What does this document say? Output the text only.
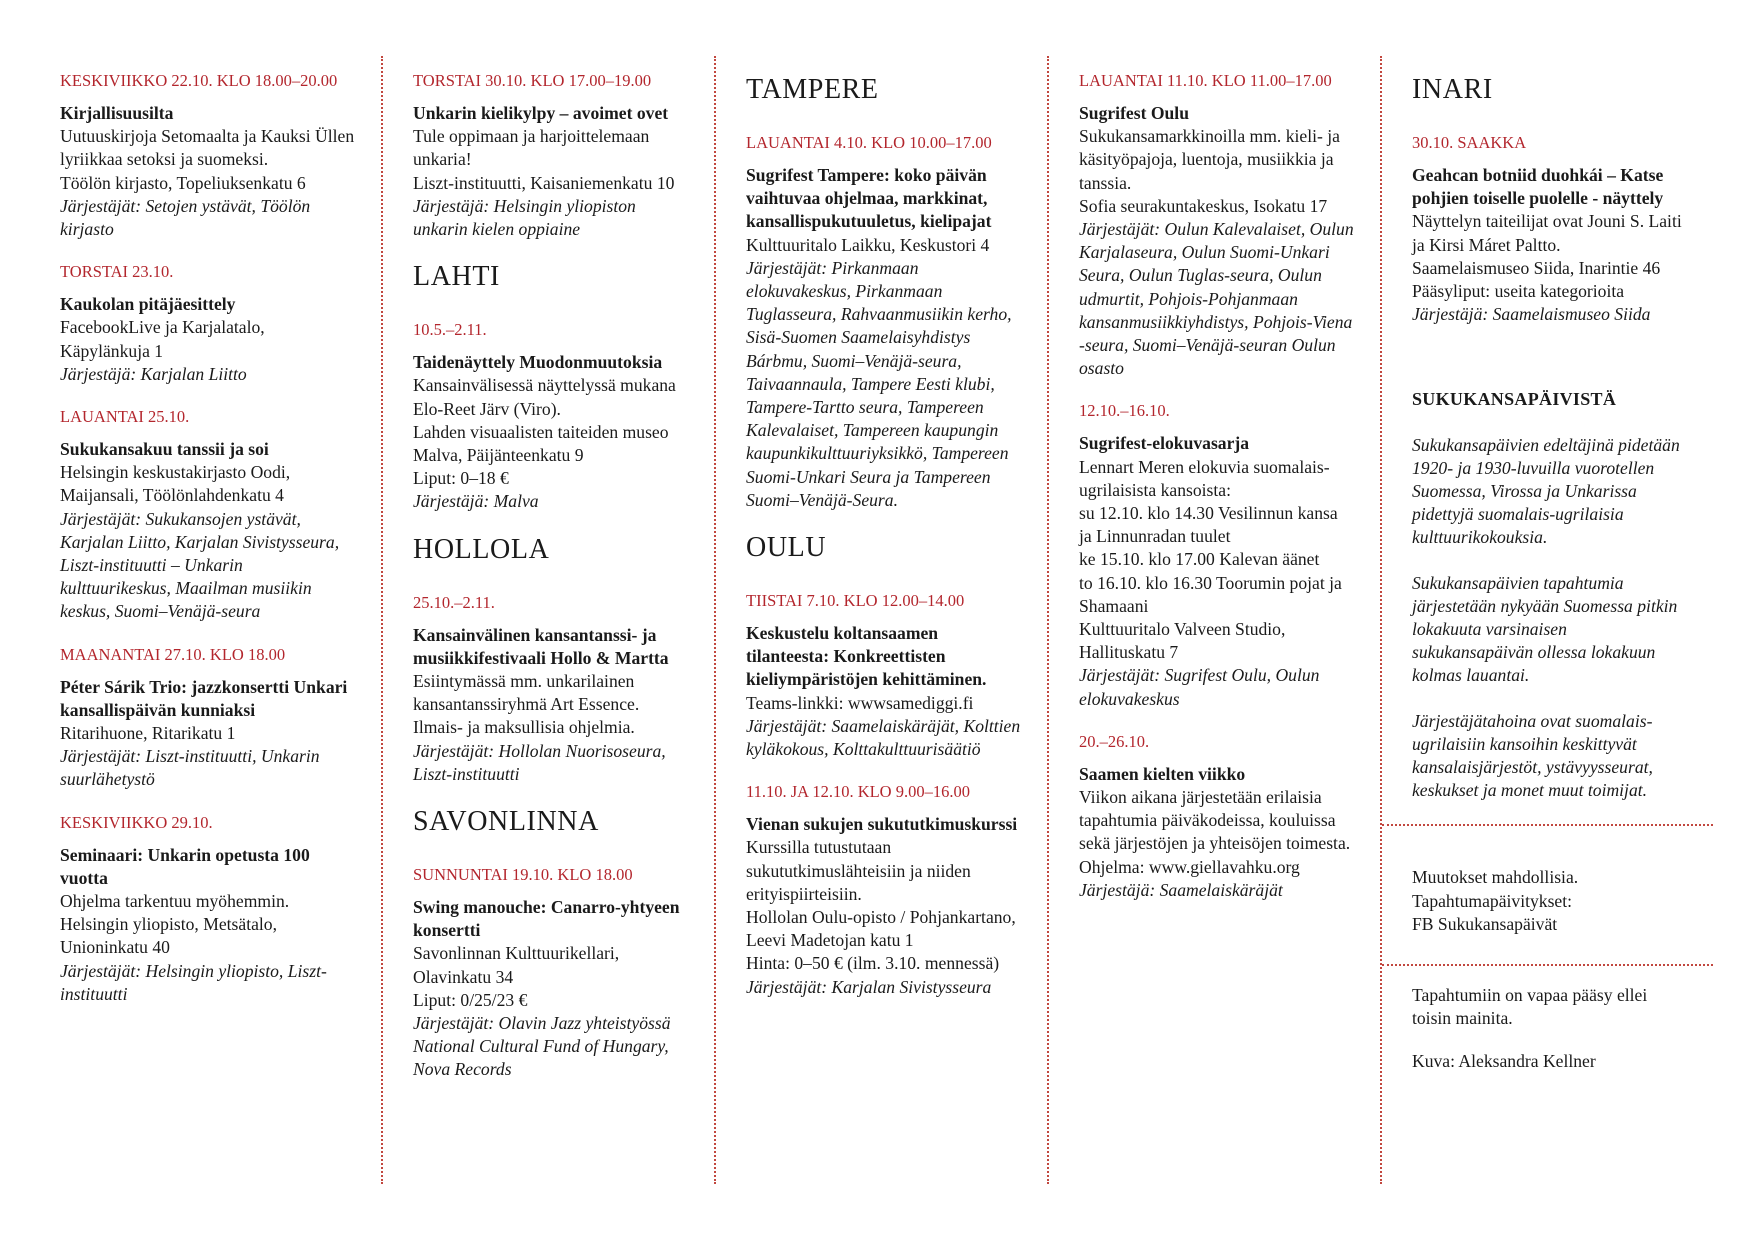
KESKIVIIKKO 22.10. KLO 18.00–20.00
Kirjallisuusilta
Uutuuskirjoja Setomaalta ja Kauksi Üllen lyriikkaa setoksi ja suomeksi.
Töölön kirjasto, Topeliuksenkatu 6
Järjestäjät: Setojen ystävät, Töölön kirjasto
TORSTAI 23.10.
Kaukolan pitäjäesittely
FacebookLive ja Karjalatalo, Käpylänkuja 1
Järjestäjä: Karjalan Liitto
LAUANTAI 25.10.
Sukukansakuu tanssii ja soi
Helsingin keskustakirjasto Oodi, Maijansali, Töölönlahdenkatu 4
Järjestäjät: Sukukansojen ystävät, Karjalan Liitto, Karjalan Sivistysseura, Liszt-instituutti – Unkarin kulttuurikeskus, Maailman musiikin keskus, Suomi–Venäjä-seura
MAANANTAI 27.10. KLO 18.00
Péter Sárik Trio: jazzkonsertti Unkari kansallispäivän kunniaksi
Ritarihuone, Ritarikatu 1
Järjestäjät: Liszt-instituutti, Unkarin suurlähetystö
KESKIVIIKKO 29.10.
Seminaari: Unkarin opetusta 100 vuotta
Ohjelma tarkentuu myöhemmin.
Helsingin yliopisto, Metsätalo, Unioninkatu 40
Järjestäjät: Helsingin yliopisto, Liszt-instituutti
TORSTAI 30.10. KLO 17.00–19.00
Unkarin kielikylpy – avoimet ovet
Tule oppimaan ja harjoittelemaan unkaria!
Liszt-instituutti, Kaisaniemenkatu 10
Järjestäjä: Helsingin yliopiston unkarin kielen oppiaine
LAHTI
10.5.–2.11.
Taidenäyttely Muodonmuutoksia
Kansainvälisessä näyttelyssä mukana Elo-Reet Järv (Viro).
Lahden visuaalisten taiteiden museo Malva, Päijänteenkatu 9
Liput: 0–18 €
Järjestäjä: Malva
HOLLOLA
25.10.–2.11.
Kansainvälinen kansantanssi- ja musiikkifestivaali Hollo & Martta
Esiintymässä mm. unkarilainen kansantanssiryhmä Art Essence. Ilmais- ja maksullisia ohjelmia.
Järjestäjät: Hollolan Nuorisoseura, Liszt-instituutti
SAVONLINNA
SUNNUNTAI 19.10. KLO 18.00
Swing manouche: Canarro-yhtyeen konsertti
Savonlinnan Kulttuurikellari, Olavinkatu 34
Liput: 0/25/23 €
Järjestäjät: Olavin Jazz yhteistyössä National Cultural Fund of Hungary, Nova Records
TAMPERE
LAUANTAI 4.10. KLO 10.00–17.00
Sugrifest Tampere: koko päivän vaihtuvaa ohjelmaa, markkinat, kansallispukutuuletus, kielipajat
Kulttuuritalo Laikku, Keskustori 4
Järjestäjät: Pirkanmaan elokuvakeskus, Pirkanmaan Tuglasseura, Rahvaanmusiikin kerho, Sisä-Suomen Saamelaisyhdistys Bárbmu, Suomi–Venäjä-seura, Taivaannaula, Tampere Eesti klubi, Tampere-Tartto seura, Tampereen Kalevalaiset, Tampereen kaupungin kaupunkikulttuuriyksikkö, Tampereen Suomi-Unkari Seura ja Tampereen Suomi–Venäjä-Seura.
OULU
TIISTAI 7.10. KLO 12.00–14.00
Keskustelu koltansaamen tilanteesta: Konkreettisten kieliympäristöjen kehittäminen.
Teams-linkki: wwwsamediggi.fi
Järjestäjät: Saamelaiskäräjät, Kolttien kyläkokous, Kolttakulttuurisäätiö
11.10. JA 12.10. KLO 9.00–16.00
Vienan sukujen sukututkimuskurssi
Kurssilla tutustutaan sukututkimuslähteisiin ja niiden erityispiirteisiin.
Hollolan Oulu-opisto / Pohjankartano, Leevi Madetojan katu 1
Hinta: 0–50 € (ilm. 3.10. mennessä)
Järjestäjät: Karjalan Sivistysseura
LAUANTAI 11.10. KLO 11.00–17.00
Sugrifest Oulu
Sukukansamarkkinoilla mm. kieli- ja käsityöpajoja, luentoja, musiikkia ja tanssia.
Sofia seurakuntakeskus, Isokatu 17
Järjestäjät: Oulun Kalevalaiset, Oulun Karjalaseura, Oulun Suomi-Unkari Seura, Oulun Tuglas-seura, Oulun udmurtit, Pohjois-Pohjanmaan kansanmusiikkiyhdistys, Pohjois-Viena -seura, Suomi–Venäjä-seuran Oulun osasto
12.10.–16.10.
Sugrifest-elokuvasarja
Lennart Meren elokuvia suomalais-ugrilaisista kansoista:
su 12.10. klo 14.30 Vesilinnun kansa ja Linnunradan tuulet
ke 15.10. klo 17.00 Kalevan äänet
to 16.10. klo 16.30 Toorumin pojat ja Shamaani
Kulttuuritalo Valveen Studio, Hallituskatu 7
Järjestäjät: Sugrifest Oulu, Oulun elokuvakeskus
20.–26.10.
Saamen kielten viikko
Viikon aikana järjestetään erilaisia tapahtumia päiväkodeissa, kouluissa sekä järjestöjen ja yhteisöjen toimesta.
Ohjelma: www.giellavahku.org
Järjestäjä: Saamelaiskäräjät
INARI
30.10. SAAKKA
Geahcan botniid duohkái – Katse pohjien toiselle puolelle - näyttely
Näyttelyn taiteilijat ovat Jouni S. Laiti ja Kirsi Máret Paltto.
Saamelaismuseo Siida, Inarintie 46
Pääsyliput: useita kategorioita
Järjestäjä: Saamelaismuseo Siida
SUKUKANSAPÄIVISTÄ

Sukukansapäivien edeltäjinä pidetään 1920- ja 1930-luvuilla vuorotellen Suomessa, Virossa ja Unkarissa pidettyjä suomalais-ugrilaisia kulttuurikokouksia.

Sukukansapäivien tapahtumia järjestetään nykyään Suomessa pitkin lokakuuta varsinaisen sukukansapäivän ollessa lokakuun kolmas lauantai.

Järjestäjätahoina ovat suomalais-ugrilaisiin kansoihin keskittyvät kansalaisjärjestöt, ystävyysseurat, keskukset ja monet muut toimijat.

Muutokset mahdollisia.
Tapahtumapäivitykset:
FB Sukukansapäivät
Tapahtumiin on vapaa pääsy ellei toisin mainita.
Kuva: Aleksandra Kellner
